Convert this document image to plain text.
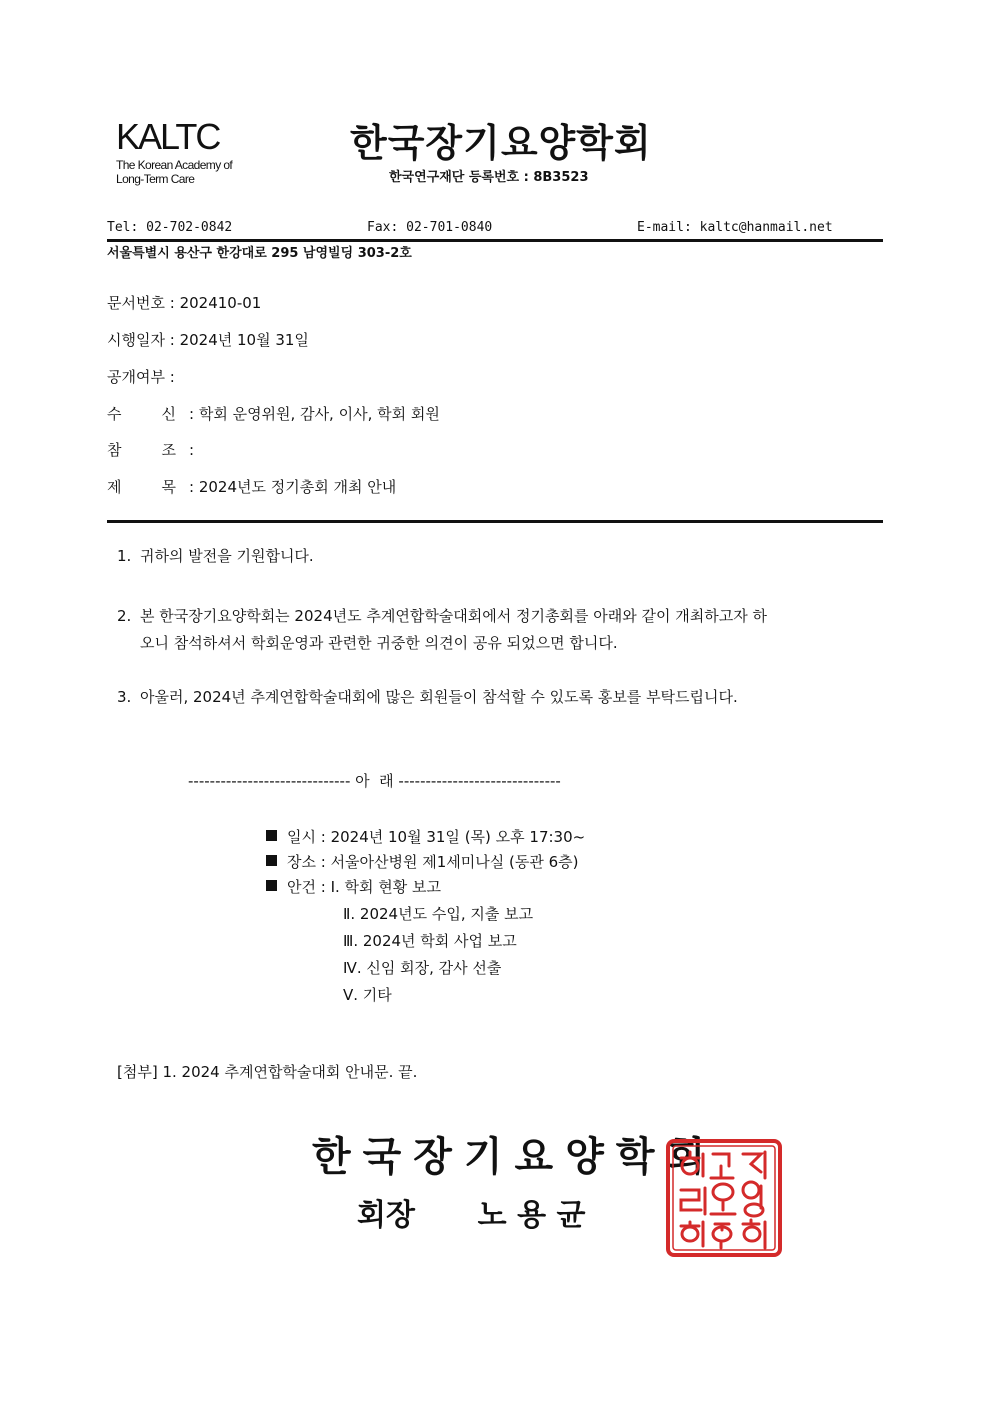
KALTC
The Korean Academy of
Long-Term Care
한국장기요양학회
한국연구재단 등록번호 : 8B3523
Tel: 02-702-0842	Fax: 02-701-0840	E-mail: kaltc@hanmail.net
서울특별시 용산구 한강대로 295 남영빌딩 303-2호
문서번호 : 202410-01
시행일자 : 2024년 10월 31일
공개여부 :
수	신 : 학회 운영위원, 감사, 이사, 학회 회원
참	조 :
제	목 : 2024년도 정기총회 개최 안내
1. 귀하의 발전을 기원합니다.
2. 본 한국장기요양학회는 2024년도 추계연합학술대회에서 정기총회를 아래와 같이 개최하고자 하
오니 참석하셔서 학회운영과 관련한 귀중한 의견이 공유 되었으면 합니다.
3. 아울러, 2024년 추계연합학술대회에 많은 회원들이 참석할 수 있도록 홍보를 부탁드립니다.
------------------------------ 아  래 ------------------------------
일시 : 2024년 10월 31일 (목) 오후 17:30~
장소 : 서울아산병원 제1세미나실 (동관 6층)
안건 : Ⅰ. 학회 현황 보고
Ⅱ. 2024년도 수입, 지출 보고
Ⅲ. 2024년 학회 사업 보고
Ⅳ. 신임 회장, 감사 선출
Ⅴ. 기타
[첨부] 1. 2024 추계연합학술대회 안내문. 끝.
한국장기요양학회
회장 노 용 균
